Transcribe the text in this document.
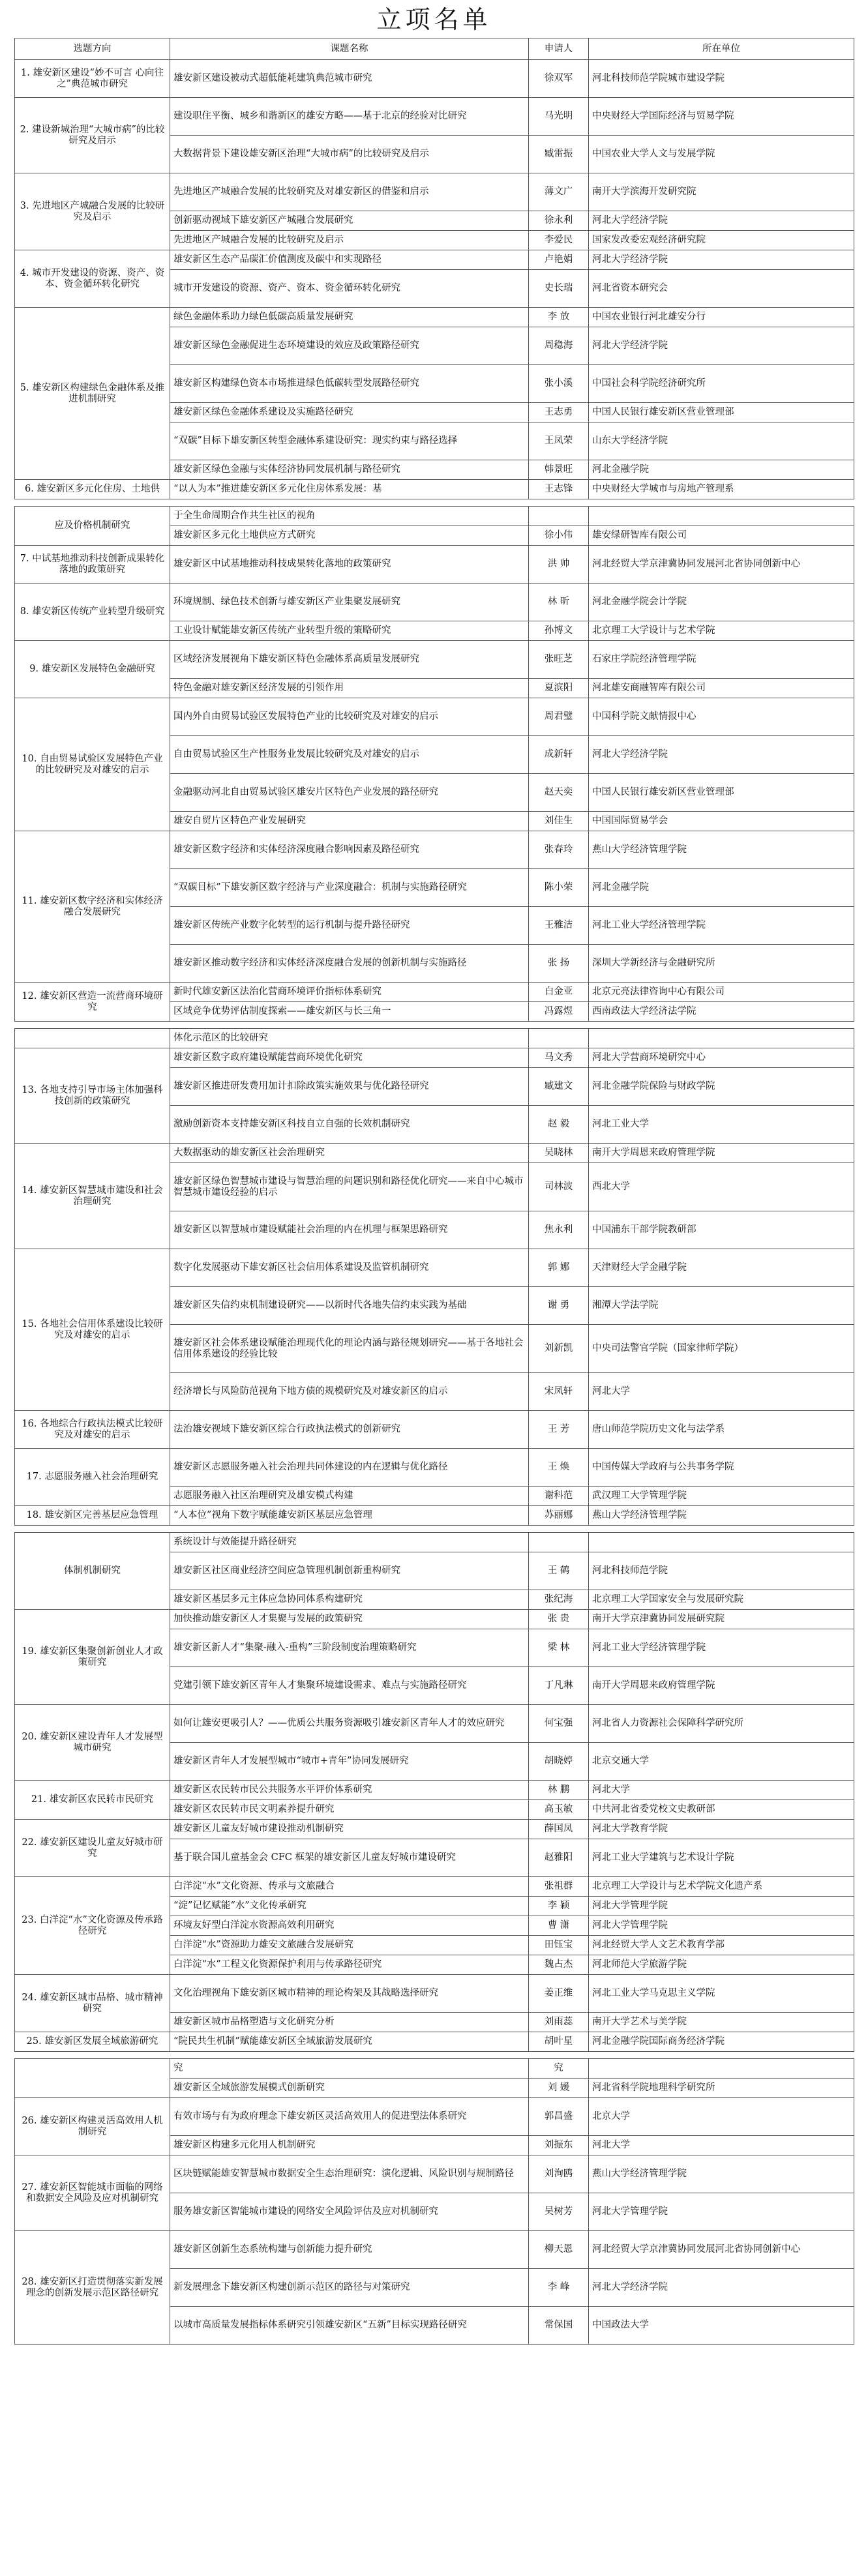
立项名单
选题方向	课题名称	申请人	所在单位
1. 雄安新区建设“妙不可言 心向往之”典范城市研究	雄安新区建设被动式超低能耗建筑典范城市研究	徐双军	河北科技师范学院城市建设学院
2. 建设新城治理“大城市病”的比较研究及启示	建设职住平衡、城乡和谐新区的雄安方略——基于北京的经验对比研究	马光明	中央财经大学国际经济与贸易学院
	大数据背景下建设雄安新区治理“大城市病”的比较研究及启示	臧雷振	中国农业大学人文与发展学院
3. 先进地区产城融合发展的比较研究及启示	先进地区产城融合发展的比较研究及对雄安新区的借鉴和启示	薄文广	南开大学滨海开发研究院
	创新驱动视域下雄安新区产城融合发展研究	徐永利	河北大学经济学院
	先进地区产城融合发展的比较研究及启示	李爱民	国家发改委宏观经济研究院
4. 城市开发建设的资源、资产、资本、资金循环转化研究	雄安新区生态产品碳汇价值测度及碳中和实现路径	卢艳娟	河北大学经济学院
	城市开发建设的资源、资产、资本、资金循环转化研究	史长瑞	河北省资本研究会
5. 雄安新区构建绿色金融体系及推进机制研究	绿色金融体系助力绿色低碳高质量发展研究	李 放	中国农业银行河北雄安分行
	雄安新区绿色金融促进生态环境建设的效应及政策路径研究	周稳海	河北大学经济学院
	雄安新区构建绿色资本市场推进绿色低碳转型发展路径研究	张小溪	中国社会科学院经济研究所
	雄安新区绿色金融体系建设及实施路径研究	王志勇	中国人民银行雄安新区营业管理部
	“双碳”目标下雄安新区转型金融体系建设研究：现实约束与路径选择	王凤荣	山东大学经济学院
	雄安新区绿色金融与实体经济协同发展机制与路径研究	韩景旺	河北金融学院
6. 雄安新区多元化住房、土地供	“以人为本”推进雄安新区多元化住房体系发展：基	王志锋	中央财经大学城市与房地产管理系

应及价格机制研究	于全生命周期合作共生社区的视角		
	雄安新区多元化土地供应方式研究	徐小伟	雄安绿研智库有限公司
7. 中试基地推动科技创新成果转化落地的政策研究	雄安新区中试基地推动科技成果转化落地的政策研究	洪 帅	河北经贸大学京津冀协同发展河北省协同创新中心
8. 雄安新区传统产业转型升级研究	环境规制、绿色技术创新与雄安新区产业集聚发展研究	林 昕	河北金融学院会计学院
	工业设计赋能雄安新区传统产业转型升级的策略研究	孙博文	北京理工大学设计与艺术学院
9. 雄安新区发展特色金融研究	区域经济发展视角下雄安新区特色金融体系高质量发展研究	张旺芝	石家庄学院经济管理学院
	特色金融对雄安新区经济发展的引领作用	夏滨阳	河北雄安商融智库有限公司
10. 自由贸易试验区发展特色产业的比较研究及对雄安的启示	国内外自由贸易试验区发展特色产业的比较研究及对雄安的启示	周君璧	中国科学院文献情报中心
	自由贸易试验区生产性服务业发展比较研究及对雄安的启示	成新轩	河北大学经济学院
	金融驱动河北自由贸易试验区雄安片区特色产业发展的路径研究	赵天奕	中国人民银行雄安新区营业管理部
	雄安自贸片区特色产业发展研究	刘佳生	中国国际贸易学会
11. 雄安新区数字经济和实体经济融合发展研究	雄安新区数字经济和实体经济深度融合影响因素及路径研究	张春玲	燕山大学经济管理学院
	“双碳目标”下雄安新区数字经济与产业深度融合：机制与实施路径研究	陈小荣	河北金融学院
	雄安新区传统产业数字化转型的运行机制与提升路径研究	王雅洁	河北工业大学经济管理学院
	雄安新区推动数字经济和实体经济深度融合发展的创新机制与实施路径	张 扬	深圳大学新经济与金融研究所
12. 雄安新区营造一流营商环境研究	新时代雄安新区法治化营商环境评价指标体系研究	白金亚	北京元亮法律咨询中心有限公司
	区域竞争优势评估制度探索——雄安新区与长三角一	冯露煜	西南政法大学经济法学院

	体化示范区的比较研究		
13. 各地支持引导市场主体加强科技创新的政策研究	雄安新区数字政府建设赋能营商环境优化研究	马文秀	河北大学营商环境研究中心
	雄安新区推进研发费用加计扣除政策实施效果与优化路径研究	臧建文	河北金融学院保险与财政学院
	激励创新资本支持雄安新区科技自立自强的长效机制研究	赵 毅	河北工业大学
14. 雄安新区智慧城市建设和社会治理研究	大数据驱动的雄安新区社会治理研究	吴晓林	南开大学周恩来政府管理学院
	雄安新区绿色智慧城市建设与智慧治理的问题识别和路径优化研究——来自中心城市智慧城市建设经验的启示	司林波	西北大学
	雄安新区以智慧城市建设赋能社会治理的内在机理与框架思路研究	焦永利	中国浦东干部学院教研部
15. 各地社会信用体系建设比较研究及对雄安的启示	数字化发展驱动下雄安新区社会信用体系建设及监管机制研究	郭 娜	天津财经大学金融学院
	雄安新区失信约束机制建设研究——以新时代各地失信约束实践为基础	谢 勇	湘潭大学法学院
	雄安新区社会体系建设赋能治理现代化的理论内涵与路径规划研究——基于各地社会信用体系建设的经验比较	刘新凯	中央司法警官学院（国家律师学院）
	经济增长与风险防范视角下地方债的规模研究及对雄安新区的启示	宋凤轩	河北大学
16. 各地综合行政执法模式比较研究及对雄安的启示	法治雄安视域下雄安新区综合行政执法模式的创新研究	王 芳	唐山师范学院历史文化与法学系
17. 志愿服务融入社会治理研究	雄安新区志愿服务融入社会治理共同体建设的内在逻辑与优化路径	王 焕	中国传媒大学政府与公共事务学院
	志愿服务融入社区治理研究及雄安模式构建	谢科范	武汉理工大学管理学院
18. 雄安新区完善基层应急管理	“人本位”视角下数字赋能雄安新区基层应急管理	苏丽娜	燕山大学经济管理学院

体制机制研究	系统设计与效能提升路径研究		
	雄安新区社区商业经济空间应急管理机制创新重构研究	王 鹤	河北科技师范学院
	雄安新区基层多元主体应急协同体系构建研究	张纪海	北京理工大学国家安全与发展研究院
19. 雄安新区集聚创新创业人才政策研究	加快推动雄安新区人才集聚与发展的政策研究	张 贵	南开大学京津冀协同发展研究院
	雄安新区新人才“集聚-融入-重构”三阶段制度治理策略研究	梁 林	河北工业大学经济管理学院
	党建引领下雄安新区青年人才集聚环境建设需求、难点与实施路径研究	丁凡琳	南开大学周恩来政府管理学院
20. 雄安新区建设青年人才发展型城市研究	如何让雄安更吸引人？——优质公共服务资源吸引雄安新区青年人才的效应研究	何宝强	河北省人力资源社会保障科学研究所
	雄安新区青年人才发展型城市“城市+青年”协同发展研究	胡晓婷	北京交通大学
21. 雄安新区农民转市民研究	雄安新区农民转市民公共服务水平评价体系研究	林 鹏	河北大学
	雄安新区农民转市民文明素养提升研究	高玉敏	中共河北省委党校文史教研部
22. 雄安新区建设儿童友好城市研究	雄安新区儿童友好城市建设推动机制研究	薛国凤	河北大学教育学院
	基于联合国儿童基金会 CFC 框架的雄安新区儿童友好城市建设研究	赵雅阳	河北工业大学建筑与艺术设计学院
23. 白洋淀“水”文化资源及传承路径研究	白洋淀“水”文化资源、传承与文旅融合	张祖群	北京理工大学设计与艺术学院文化遗产系
	“淀”记忆赋能“水”文化传承研究	李 颖	河北大学管理学院
	环境友好型白洋淀水资源高效利用研究	曹 潇	河北大学管理学院
	白洋淀“水”资源助力雄安文旅融合发展研究	田钰宝	河北经贸大学人文艺术教育学部
	白洋淀“水”工程文化资源保护利用与传承路径研究	魏占杰	河北师范大学旅游学院
24. 雄安新区城市品格、城市精神研究	文化治理视角下雄安新区城市精神的理论构架及其战略选择研究	姜正维	河北工业大学马克思主义学院
	雄安新区城市品格塑造与文化研究分析	刘雨蕊	南开大学艺术与美学院
25. 雄安新区发展全域旅游研究	“院民共生机制”赋能雄安新区全域旅游发展研究	胡叶星	河北金融学院国际商务经济学院

	究	究	
	雄安新区全域旅游发展模式创新研究	刘 媛	河北省科学院地理科学研究所
26. 雄安新区构建灵活高效用人机制研究	有效市场与有为政府理念下雄安新区灵活高效用人的促进型法体系研究	郭昌盛	北京大学
	雄安新区构建多元化用人机制研究	刘振东	河北大学
27. 雄安新区智能城市面临的网络和数据安全风险及应对机制研究	区块链赋能雄安智慧城市数据安全生态治理研究：演化逻辑、风险识别与规制路径	刘洵鸥	燕山大学经济管理学院
	服务雄安新区智能城市建设的网络安全风险评估及应对机制研究	吴树芳	河北大学管理学院
28. 雄安新区打造贯彻落实新发展理念的创新发展示范区路径研究	雄安新区创新生态系统构建与创新能力提升研究	柳天恩	河北经贸大学京津冀协同发展河北省协同创新中心
	新发展理念下雄安新区构建创新示范区的路径与对策研究	李 峰	河北大学经济学院
	以城市高质量发展指标体系研究引领雄安新区“五新”目标实现路径研究	常保国	中国政法大学
